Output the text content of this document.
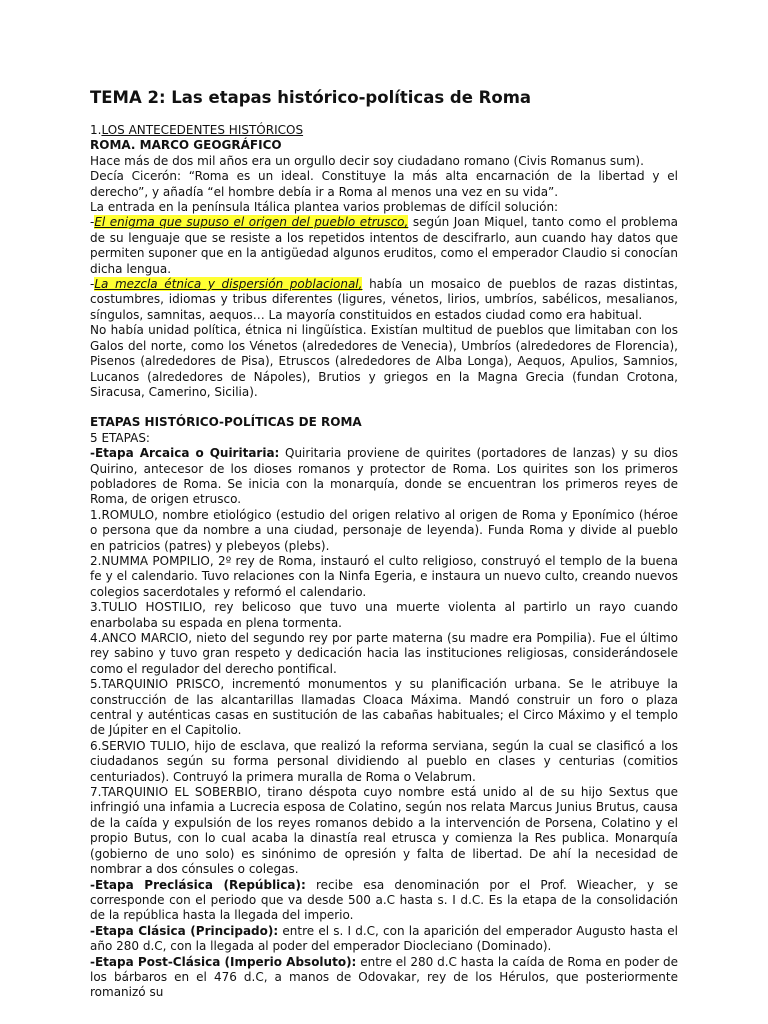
TEMA 2: Las etapas histórico-políticas de Roma

1.LOS ANTECEDENTES HISTÓRICOS

ROMA. MARCO GEOGRÁFICO

Hace más de dos mil años era un orgullo decir soy ciudadano romano (Civis Romanus sum).

Decía Cicerón: “Roma es un ideal. Constituye la más alta encarnación de la libertad y el derecho”, y añadía “el hombre debía ir a Roma al menos una vez en su vida”.

La entrada en la península Itálica plantea varios problemas de difícil solución:

-El enigma que supuso el origen del pueblo etrusco, según Joan Miquel, tanto como el problema de su lenguaje que se resiste a los repetidos intentos de descifrarlo, aun cuando hay datos que permiten suponer que en la antigüedad algunos eruditos, como el emperador Claudio si conocían dicha lengua.

-La mezcla étnica y dispersión poblacional, había un mosaico de pueblos de razas distintas, costumbres, idiomas y tribus diferentes (ligures, vénetos, lirios, umbríos, sabélicos, mesalianos, síngulos, samnitas, aequos… La mayoría constituidos en estados ciudad como era habitual.

No había unidad política, étnica ni lingüística. Existían multitud de pueblos que limitaban con los Galos del norte, como los Vénetos (alrededores de Venecia), Umbríos (alrededores de Florencia), Pisenos (alrededores de Pisa), Etruscos (alrededores de Alba Longa), Aequos, Apulios, Samnios, Lucanos (alrededores de Nápoles), Brutios y griegos en la Magna Grecia (fundan Crotona, Siracusa, Camerino, Sicilia).

ETAPAS HISTÓRICO-POLÍTICAS DE ROMA

5 ETAPAS:

-Etapa Arcaica o Quiritaria: Quiritaria proviene de quirites (portadores de lanzas) y su dios Quirino, antecesor de los dioses romanos y protector de Roma. Los quirites son los primeros pobladores de Roma. Se inicia con la monarquía, donde se encuentran los primeros reyes de Roma, de origen etrusco.

1.ROMULO, nombre etiológico (estudio del origen relativo al origen de Roma y Eponímico (héroe o persona que da nombre a una ciudad, personaje de leyenda). Funda Roma y divide al pueblo en patricios (patres) y plebeyos (plebs).

2.NUMMA POMPILIO, 2º rey de Roma, instauró el culto religioso, construyó el templo de la buena fe y el calendario. Tuvo relaciones con la Ninfa Egeria, e instaura un nuevo culto, creando nuevos colegios sacerdotales y reformó el calendario.

3.TULIO HOSTILIO, rey belicoso que tuvo una muerte violenta al partirlo un rayo cuando enarbolaba su espada en plena tormenta.

4.ANCO MARCIO, nieto del segundo rey por parte materna (su madre era Pompilia). Fue el último rey sabino y tuvo gran respeto y dedicación hacia las instituciones religiosas, considerándosele como el regulador del derecho pontifical.

5.TARQUINIO PRISCO, incrementó monumentos y su planificación urbana. Se le atribuye la construcción de las alcantarillas llamadas Cloaca Máxima. Mandó construir un foro o plaza central y auténticas casas en sustitución de las cabañas habituales; el Circo Máximo y el templo de Júpiter en el Capitolio.

6.SERVIO TULIO, hijo de esclava, que realizó la reforma serviana, según la cual se clasificó a los ciudadanos según su forma personal dividiendo al pueblo en clases y centurias (comitios centuriados). Contruyó la primera muralla de Roma o Velabrum.

7.TARQUINIO EL SOBERBIO, tirano déspota cuyo nombre está unido al de su hijo Sextus que infringió una infamia a Lucrecia esposa de Colatino, según nos relata Marcus Junius Brutus, causa de la caída y expulsión de los reyes romanos debido a la intervención de Porsena, Colatino y el propio Butus, con lo cual acaba la dinastía real etrusca y comienza la Res publica. Monarquía (gobierno de uno solo) es sinónimo de opresión y falta de libertad. De ahí la necesidad de nombrar a dos cónsules o colegas.

-Etapa Preclásica (República): recibe esa denominación por el Prof. Wieacher, y se corresponde con el periodo que va desde 500 a.C hasta s. I d.C. Es la etapa de la consolidación de la república hasta la llegada del imperio.

-Etapa Clásica (Principado): entre el s. I d.C, con la aparición del emperador Augusto hasta el año 280 d.C, con la llegada al poder del emperador Diocleciano (Dominado).

-Etapa Post-Clásica (Imperio Absoluto): entre el 280 d.C hasta la caída de Roma en poder de los bárbaros en el 476 d.C, a manos de Odovakar, rey de los Hérulos, que posteriormente romanizó su
